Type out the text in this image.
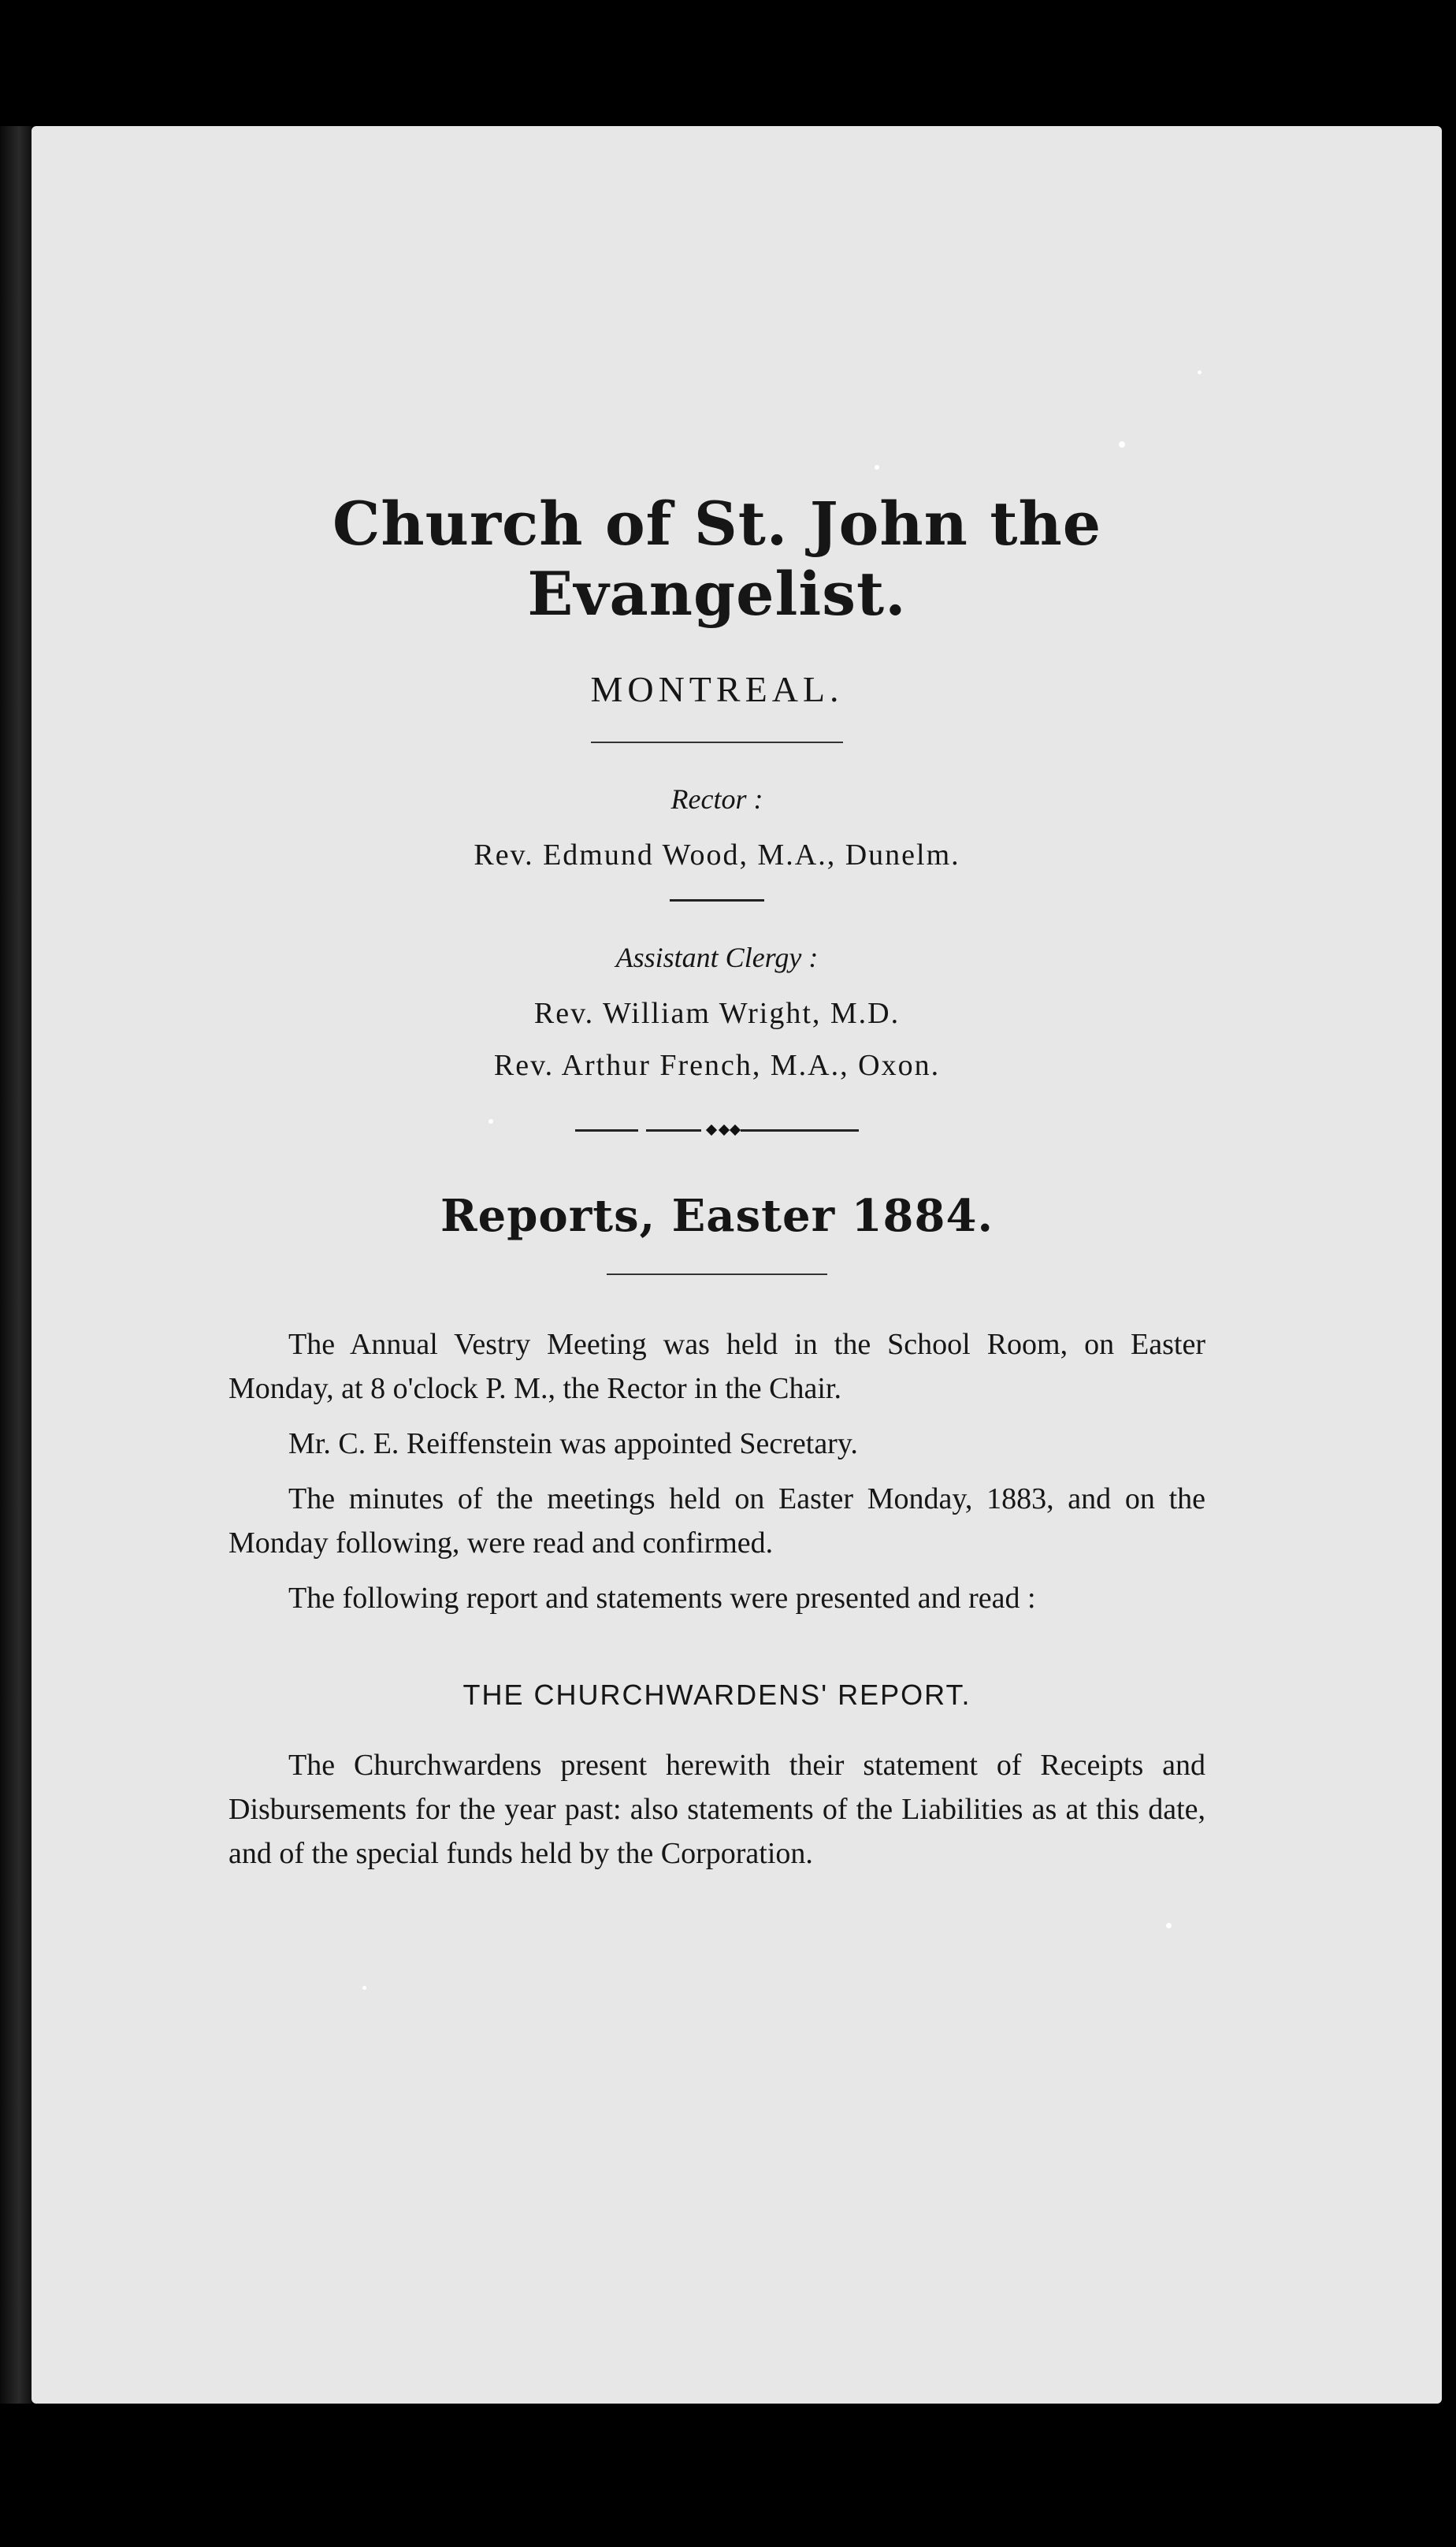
Church of St. John the Evangelist.
MONTREAL.
Rector :
Rev. Edmund Wood, M.A., Dunelm.
Assistant Clergy :
Rev. William Wright, M.D.
Rev. Arthur French, M.A., Oxon.
Reports, Easter 1884.

The Annual Vestry Meeting was held in the School Room, on Easter Monday, at 8 o'clock P. M., the Rector in the Chair.

Mr. C. E. Reiffenstein was appointed Secretary.

The minutes of the meetings held on Easter Monday, 1883, and on the Monday following, were read and confirmed.

The following report and statements were presented and read :

THE CHURCHWARDENS' REPORT.

The Churchwardens present herewith their statement of Receipts and Disbursements for the year past: also statements of the Liabilities as at this date, and of the special funds held by the Corporation.
